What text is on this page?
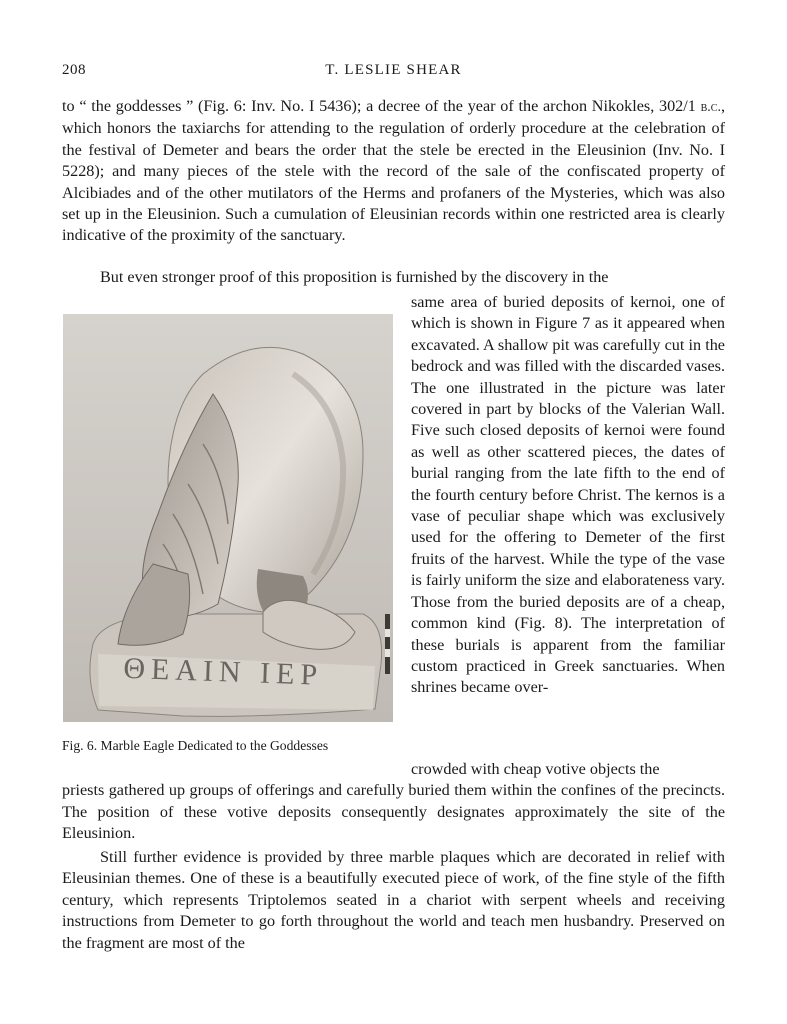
208	T. LESLIE SHEAR
to “ the goddesses ” (Fig. 6: Inv. No. I 5436); a decree of the year of the archon Nikokles, 302/1 b.c., which honors the taxiarchs for attending to the regulation of orderly procedure at the celebration of the festival of Demeter and bears the order that the stele be erected in the Eleusinion (Inv. No. I 5228); and many pieces of the stele with the record of the sale of the confiscated property of Alcibiades and of the other mutilators of the Herms and profaners of the Mysteries, which was also set up in the Eleusinion. Such a cumulation of Eleusinian records within one restricted area is clearly indicative of the proximity of the sanctuary.
But even stronger proof of this proposition is furnished by the discovery in the
ΘΕΑΙΝ ΙΕΡ
same area of buried deposits of kernoi, one of which is shown in Figure 7 as it appeared when excavated. A shallow pit was carefully cut in the bedrock and was filled with the discarded vases. The one illustrated in the picture was later covered in part by blocks of the Valerian Wall. Five such closed deposits of kernoi were found as well as other scattered pieces, the dates of burial ranging from the late fifth to the end of the fourth century before Christ. The kernos is a vase of peculiar shape which was exclusively used for the offering to Demeter of the first fruits of the harvest. While the type of the vase is fairly uniform the size and elaborateness vary. Those from the buried deposits are of a cheap, common kind (Fig. 8). The interpretation of these burials is apparent from the familiar custom practiced in Greek sanctuaries. When shrines became over-
Fig. 6. Marble Eagle Dedicated to the Goddesses
crowded with cheap votive objects the
priests gathered up groups of offerings and carefully buried them within the confines of the precincts. The position of these votive deposits consequently designates approximately the site of the Eleusinion.
Still further evidence is provided by three marble plaques which are decorated in relief with Eleusinian themes. One of these is a beautifully executed piece of work, of the fine style of the fifth century, which represents Triptolemos seated in a chariot with serpent wheels and receiving instructions from Demeter to go forth throughout the world and teach men husbandry. Preserved on the fragment are most of the
